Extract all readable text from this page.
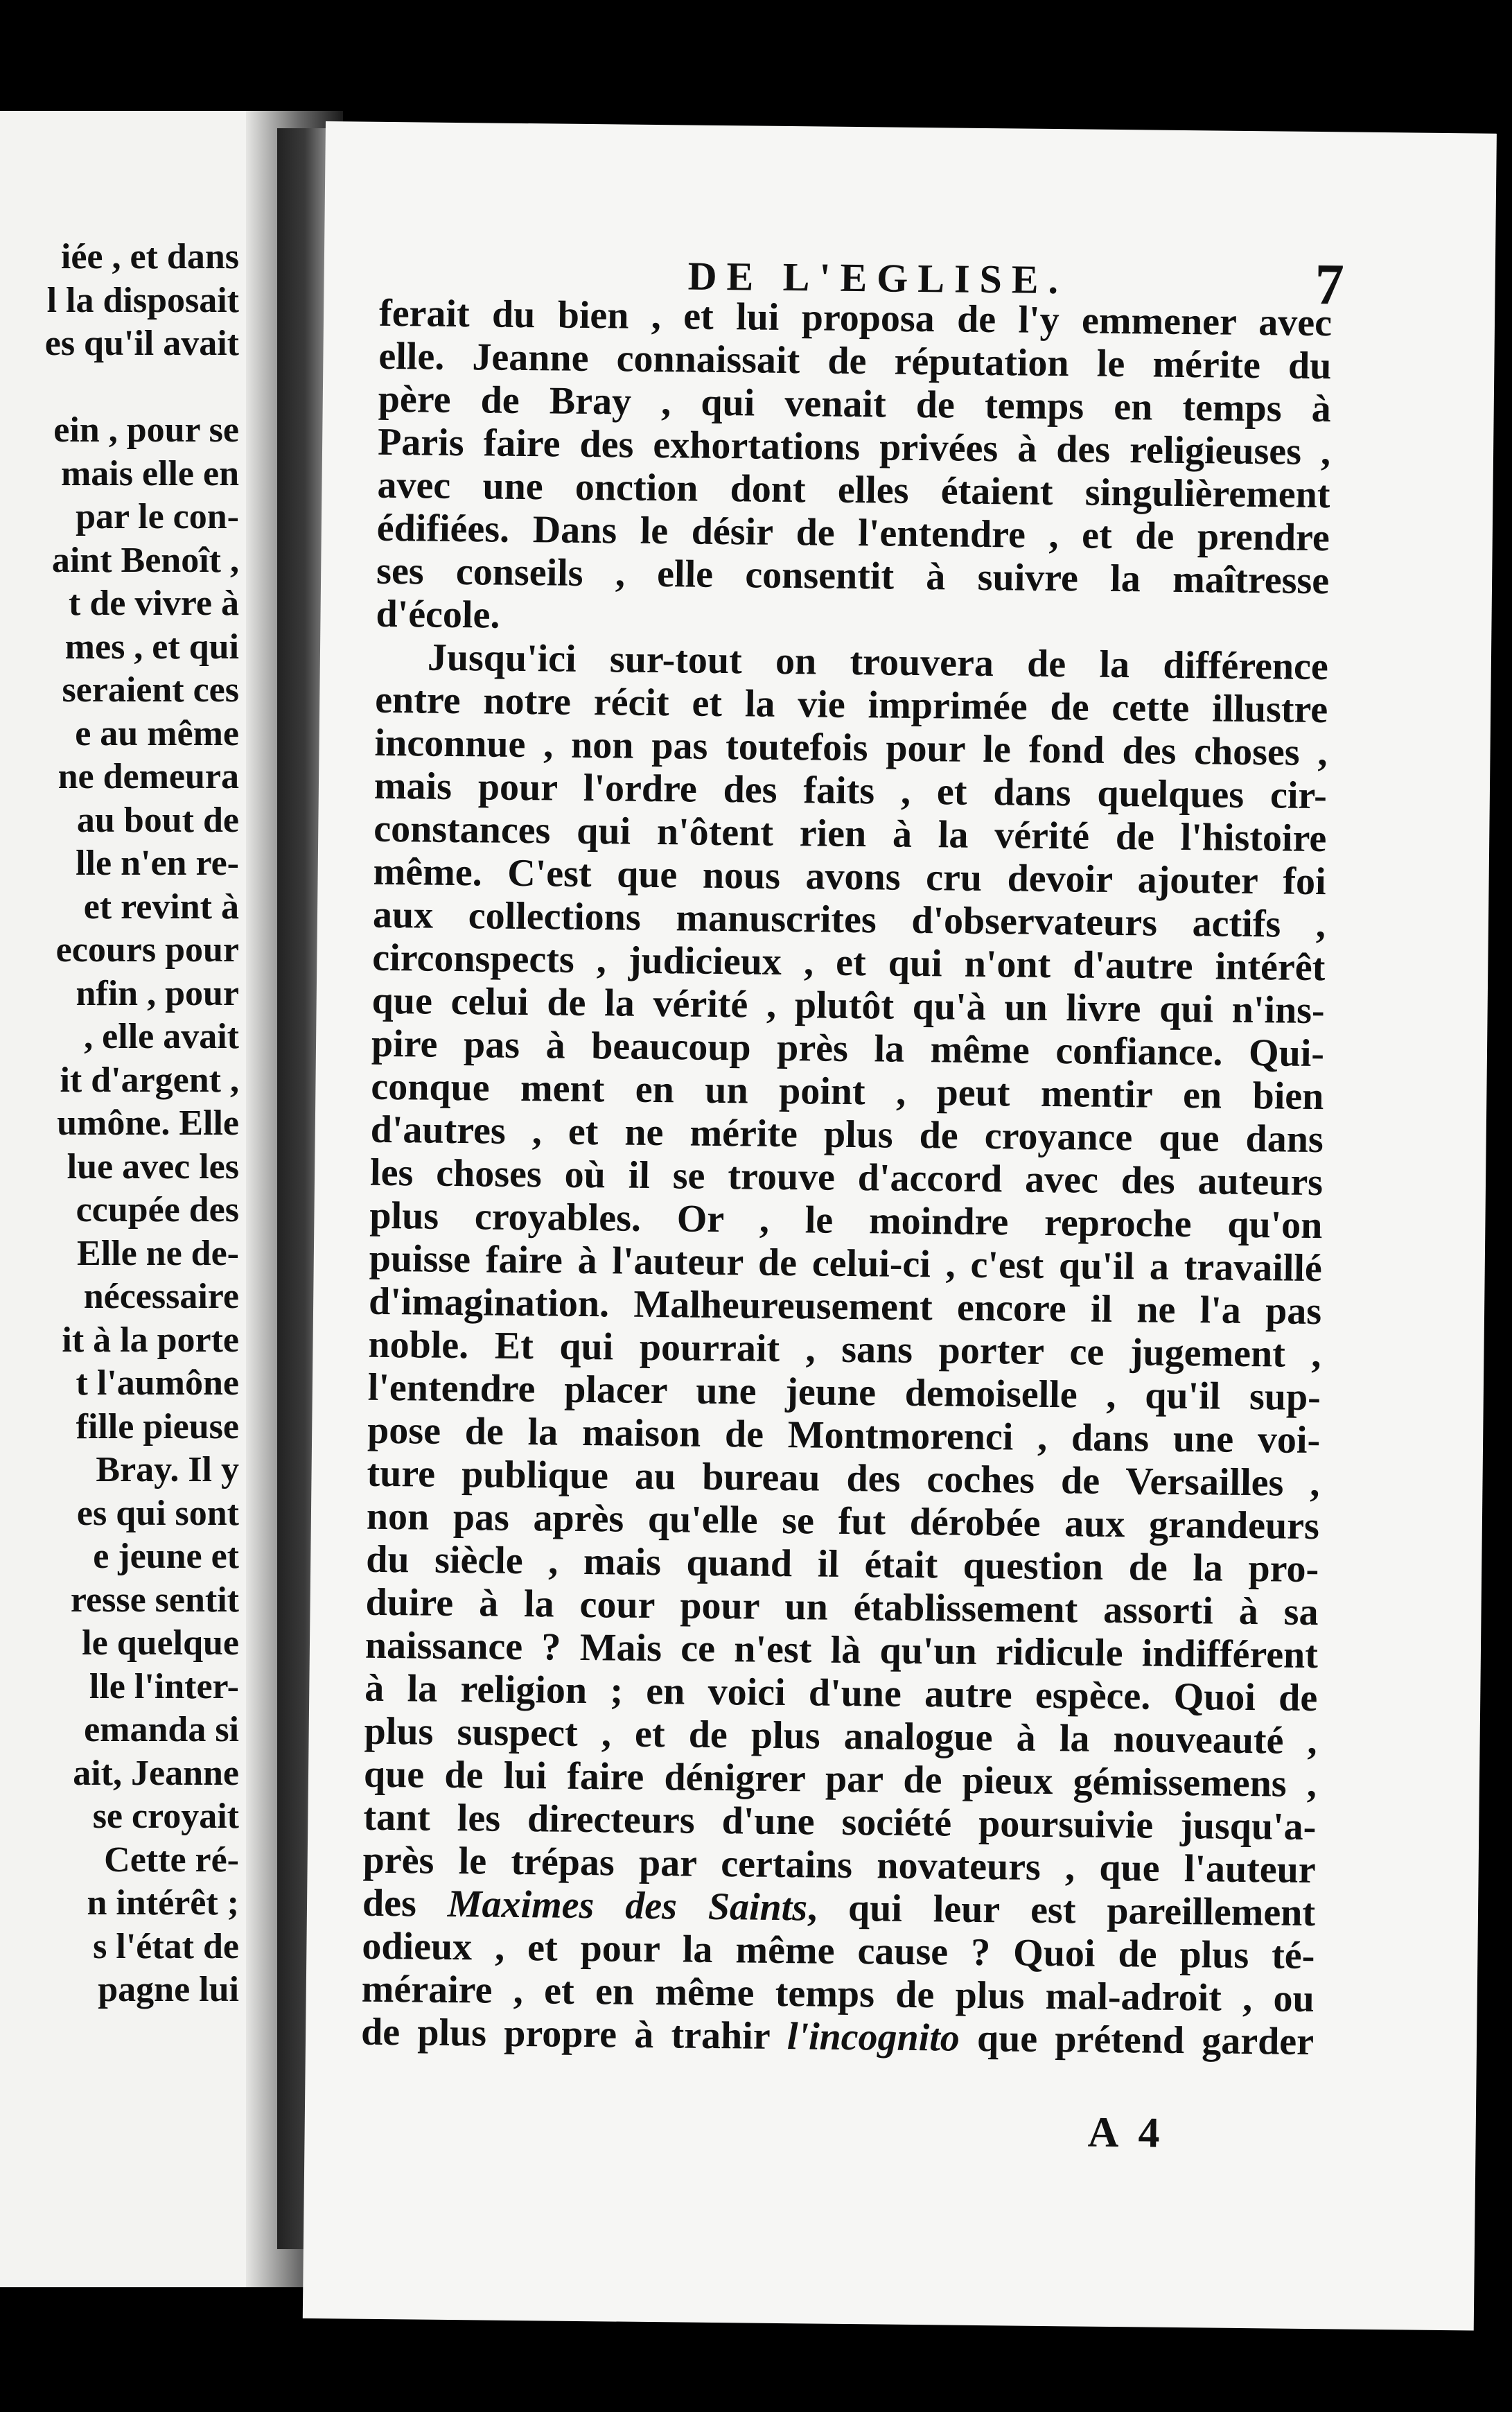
iée , et dans
l la disposait
es qu'il avait
ein , pour se
mais elle en
par le con-
aint Benoît ,
t de vivre à
mes , et qui
seraient ces
e au même
ne demeura
au bout de
lle n'en re-
et revint à
ecours pour
nfin , pour
, elle avait
it d'argent ,
umône. Elle
lue avec les
ccupée des
Elle ne de-
nécessaire
it à la porte
t l'aumône
fille pieuse
Bray. Il y
es qui sont
e jeune et
resse sentit
le quelque
lle l'inter-
emanda si
ait, Jeanne
se croyait
Cette ré-
n intérêt ;
s l'état de
pagne lui
DE L'EGLISE.	7
ferait du bien , et lui proposa de l'y emmener avec
elle. Jeanne connaissait de réputation le mérite du
père de Bray , qui venait de temps en temps à
Paris faire des exhortations privées à des religieuses ,
avec une onction dont elles étaient singulièrement
édifiées. Dans le désir de l'entendre , et de prendre
ses conseils , elle consentit à suivre la maîtresse
d'école.
Jusqu'ici sur-tout on trouvera de la différence
entre notre récit et la vie imprimée de cette illustre
inconnue , non pas toutefois pour le fond des choses ,
mais pour l'ordre des faits , et dans quelques cir-
constances qui n'ôtent rien à la vérité de l'histoire
même. C'est que nous avons cru devoir ajouter foi
aux collections manuscrites d'observateurs actifs ,
circonspects , judicieux , et qui n'ont d'autre intérêt
que celui de la vérité , plutôt qu'à un livre qui n'ins-
pire pas à beaucoup près la même confiance. Qui-
conque ment en un point , peut mentir en bien
d'autres , et ne mérite plus de croyance que dans
les choses où il se trouve d'accord avec des auteurs
plus croyables. Or , le moindre reproche qu'on
puisse faire à l'auteur de celui-ci , c'est qu'il a travaillé
d'imagination. Malheureusement encore il ne l'a pas
noble. Et qui pourrait , sans porter ce jugement ,
l'entendre placer une jeune demoiselle , qu'il sup-
pose de la maison de Montmorenci , dans une voi-
ture publique au bureau des coches de Versailles ,
non pas après qu'elle se fut dérobée aux grandeurs
du siècle , mais quand il était question de la pro-
duire à la cour pour un établissement assorti à sa
naissance ? Mais ce n'est là qu'un ridicule indifférent
à la religion ; en voici d'une autre espèce. Quoi de
plus suspect , et de plus analogue à la nouveauté ,
que de lui faire dénigrer par de pieux gémissemens ,
tant les directeurs d'une société poursuivie jusqu'a-
près le trépas par certains novateurs , que l'auteur
des Maximes des Saints, qui leur est pareillement
odieux , et pour la même cause ? Quoi de plus té-
méraire , et en même temps de plus mal-adroit , ou
de plus propre à trahir l'incognito que prétend garder
A 4
